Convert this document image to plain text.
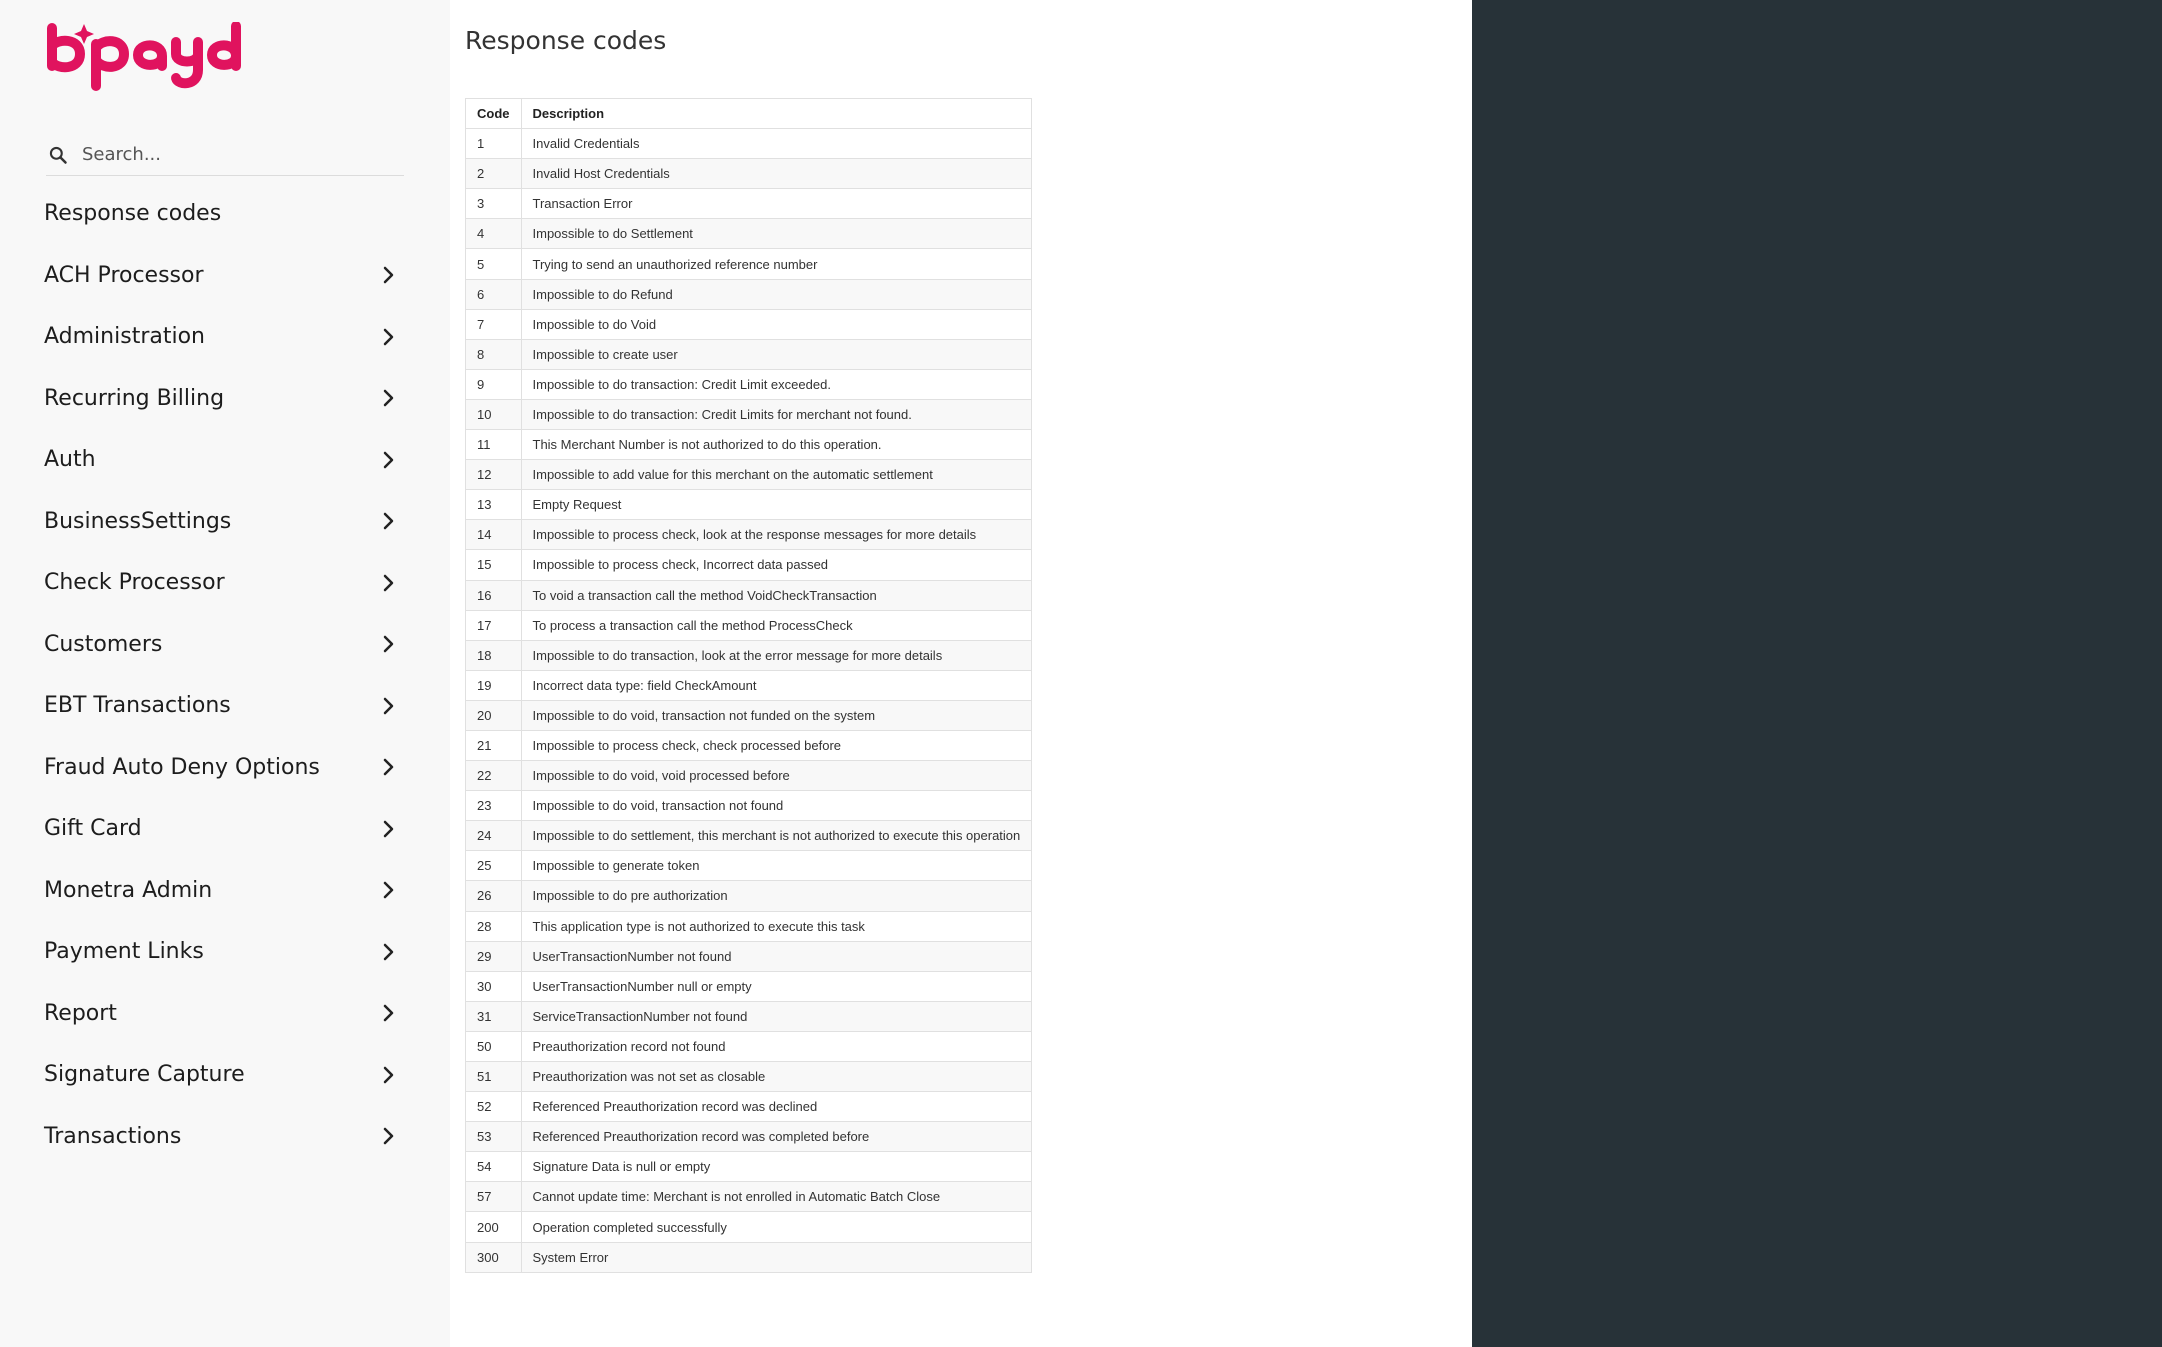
Search...
Response codes
ACH Processor
Administration
Recurring Billing
Auth
BusinessSettings
Check Processor
Customers
EBT Transactions
Fraud Auto Deny Options
Gift Card
Monetra Admin
Payment Links
Report
Signature Capture
Transactions
Response codes
Code	Description
1	Invalid Credentials
2	Invalid Host Credentials
3	Transaction Error
4	Impossible to do Settlement
5	Trying to send an unauthorized reference number
6	Impossible to do Refund
7	Impossible to do Void
8	Impossible to create user
9	Impossible to do transaction: Credit Limit exceeded.
10	Impossible to do transaction: Credit Limits for merchant not found.
11	This Merchant Number is not authorized to do this operation.
12	Impossible to add value for this merchant on the automatic settlement
13	Empty Request
14	Impossible to process check, look at the response messages for more details
15	Impossible to process check, Incorrect data passed
16	To void a transaction call the method VoidCheckTransaction
17	To process a transaction call the method ProcessCheck
18	Impossible to do transaction, look at the error message for more details
19	Incorrect data type: field CheckAmount
20	Impossible to do void, transaction not funded on the system
21	Impossible to process check, check processed before
22	Impossible to do void, void processed before
23	Impossible to do void, transaction not found
24	Impossible to do settlement, this merchant is not authorized to execute this operation
25	Impossible to generate token
26	Impossible to do pre authorization
28	This application type is not authorized to execute this task
29	UserTransactionNumber not found
30	UserTransactionNumber null or empty
31	ServiceTransactionNumber not found
50	Preauthorization record not found
51	Preauthorization was not set as closable
52	Referenced Preauthorization record was declined
53	Referenced Preauthorization record was completed before
54	Signature Data is null or empty
57	Cannot update time: Merchant is not enrolled in Automatic Batch Close
200	Operation completed successfully
300	System Error
